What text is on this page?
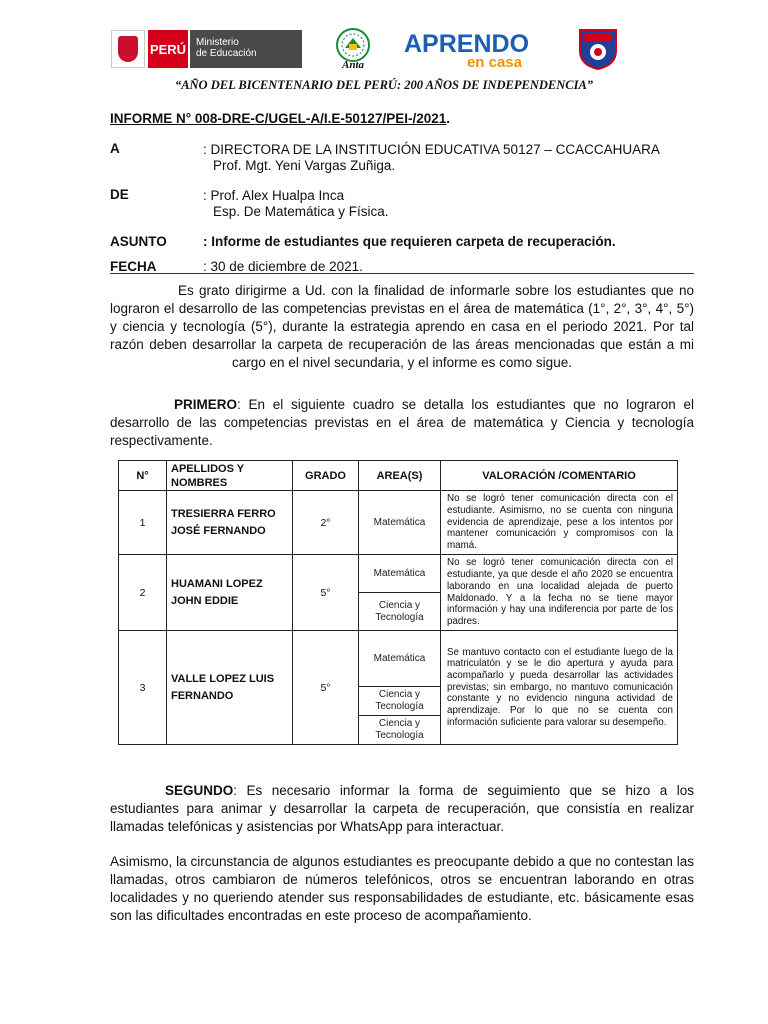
PERÚ Ministerio
de Educación
Anta
APRENDO
en casa
“AÑO DEL BICENTENARIO DEL PERÚ: 200 AÑOS DE INDEPENDENCIA”
INFORME N° 008-DRE-C/UGEL-A/I.E-50127/PEI-/2021.
A	: DIRECTORA DE LA INSTITUCIÓN EDUCATIVA 50127 – CCACCAHUARA
Prof. Mgt. Yeni Vargas Zuñiga.
DE	: Prof. Alex Hualpa Inca
Esp. De Matemática y Física.
ASUNTO	: Informe de estudiantes que requieren carpeta de recuperación.
FECHA	: 30 de diciembre de 2021.
Es grato dirigirme a Ud. con la finalidad de informarle sobre los estudiantes que no lograron el desarrollo de las competencias previstas en el área de matemática (1°, 2°, 3°, 4°, 5°) y ciencia y tecnología (5°), durante la estrategia aprendo en casa en el periodo 2021. Por tal razón deben desarrollar la carpeta de recuperación de las áreas mencionadas que están a mi cargo en el nivel secundaria, y el informe es como sigue.
PRIMERO: En el siguiente cuadro se detalla los estudiantes que no lograron el desarrollo de las competencias previstas en el área de matemática y Ciencia y tecnología respectivamente.
N°	APELLIDOS Y NOMBRES	GRADO	AREA(S)	VALORACIÓN /COMENTARIO
1	TRESIERRA FERRO JOSÉ FERNANDO	2°	Matemática	No se logró tener comunicación directa con el estudiante. Asimismo, no se cuenta con ninguna evidencia de aprendizaje, pese a los intentos por mantener comunicación y compromisos con la mamá.
2	HUAMANI LOPEZ JOHN EDDIE	5°	Matemática	No se logró tener comunicación directa con el estudiante, ya que desde el año 2020 se encuentra laborando en una localidad alejada de puerto Maldonado. Y a la fecha no se tiene mayor información y hay una indiferencia por parte de los padres.
			Ciencia y Tecnología	
3	VALLE LOPEZ LUIS FERNANDO	5°	Matemática	Se mantuvo contacto con el estudiante luego de la matriculatón y se le dio apertura y ayuda para acompañarlo y pueda desarrollar las actividades previstas; sin embargo, no mantuvo comunicación constante y no evidencio ninguna actividad de aprendizaje. Por lo que no se cuenta con información suficiente para valorar su desempeño.
			Ciencia y Tecnología	
			Ciencia y Tecnología	
SEGUNDO: Es necesario informar la forma de seguimiento que se hizo a los estudiantes para animar y desarrollar la carpeta de recuperación, que consistía en realizar llamadas telefónicas y asistencias por WhatsApp para interactuar.
Asimismo, la circunstancia de algunos estudiantes es preocupante debido a que no contestan las llamadas, otros cambiaron de números telefónicos, otros se encuentran laborando en otras localidades y no queriendo atender sus responsabilidades de estudiante, etc. básicamente esas son las dificultades encontradas en este proceso de acompañamiento.
